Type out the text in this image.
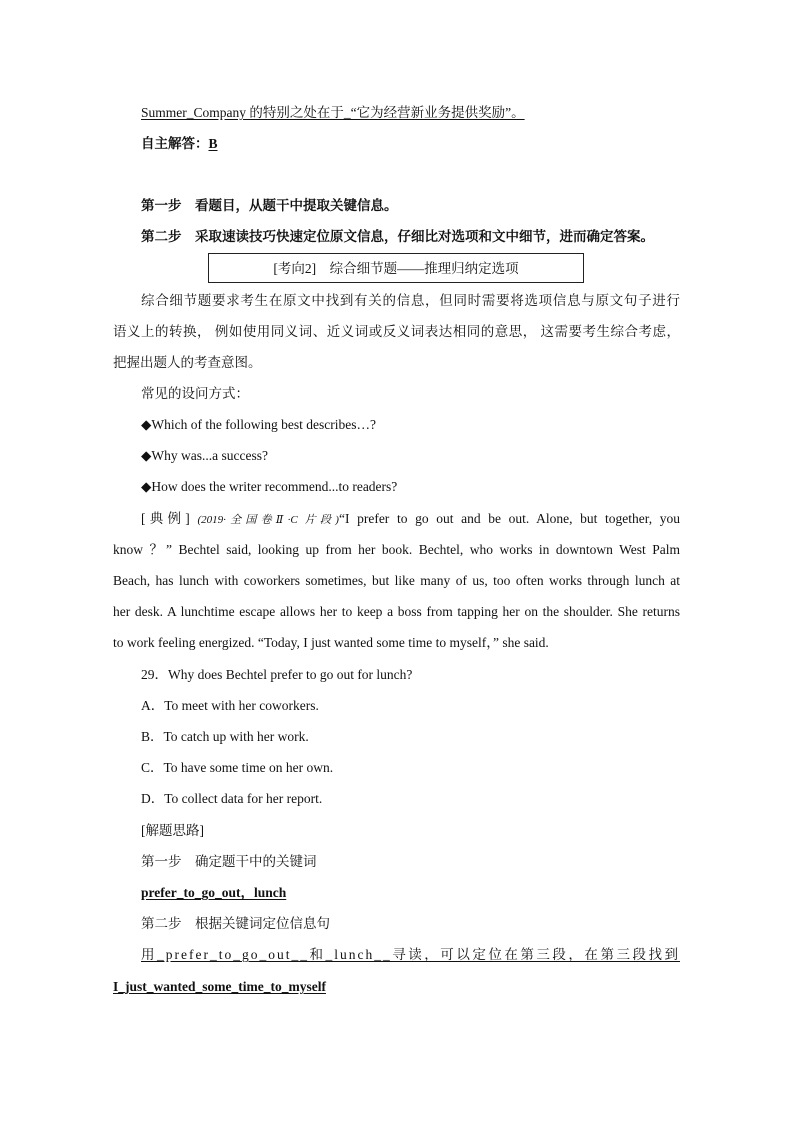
Summer_Company 的特别之处在于_“它为经营新业务提供奖励”。
自主解答：B
第一步　看题目，从题干中提取关键信息。
第二步　采取速读技巧快速定位原文信息，仔细比对选项和文中细节，进而确定答案。
[考向2]　综合细节题——推理归纳定选项
综合细节题要求考生在原文中找到有关的信息，但同时需要将选项信息与原文句子进行
语义上的转换， 例如使用同义词、近义词或反义词表达相同的意思， 这需要考生综合考虑，
把握出题人的考查意图。
常见的设问方式：
◆Which of the following best describes…?
◆Why was...a success?
◆How does the writer recommend...to readers?
[典例] (2019·全国卷Ⅱ·C 片段)“I prefer to go out and be out. Alone, but together, you
know ？” Bechtel said, looking up from her book. Bechtel, who works in downtown West Palm
Beach, has lunch with coworkers sometimes, but like many of us, too often works through lunch at
her desk. A lunchtime escape allows her to keep a boss from tapping her on the shoulder. She returns
to work feeling energized. “Today, I just wanted some time to myself，” she said.
29．Why does Bechtel prefer to go out for lunch?
A．To meet with her coworkers.
B．To catch up with her work.
C．To have some time on her own.
D．To collect data for her report.
[解题思路]
第一步　确定题干中的关键词
prefer_to_go_out，lunch
第二步　根据关键词定位信息句
用_prefer_to_go_out__和_lunch__寻读，可以定位在第三段，在第三段找到
I_just_wanted_some_time_to_myself
